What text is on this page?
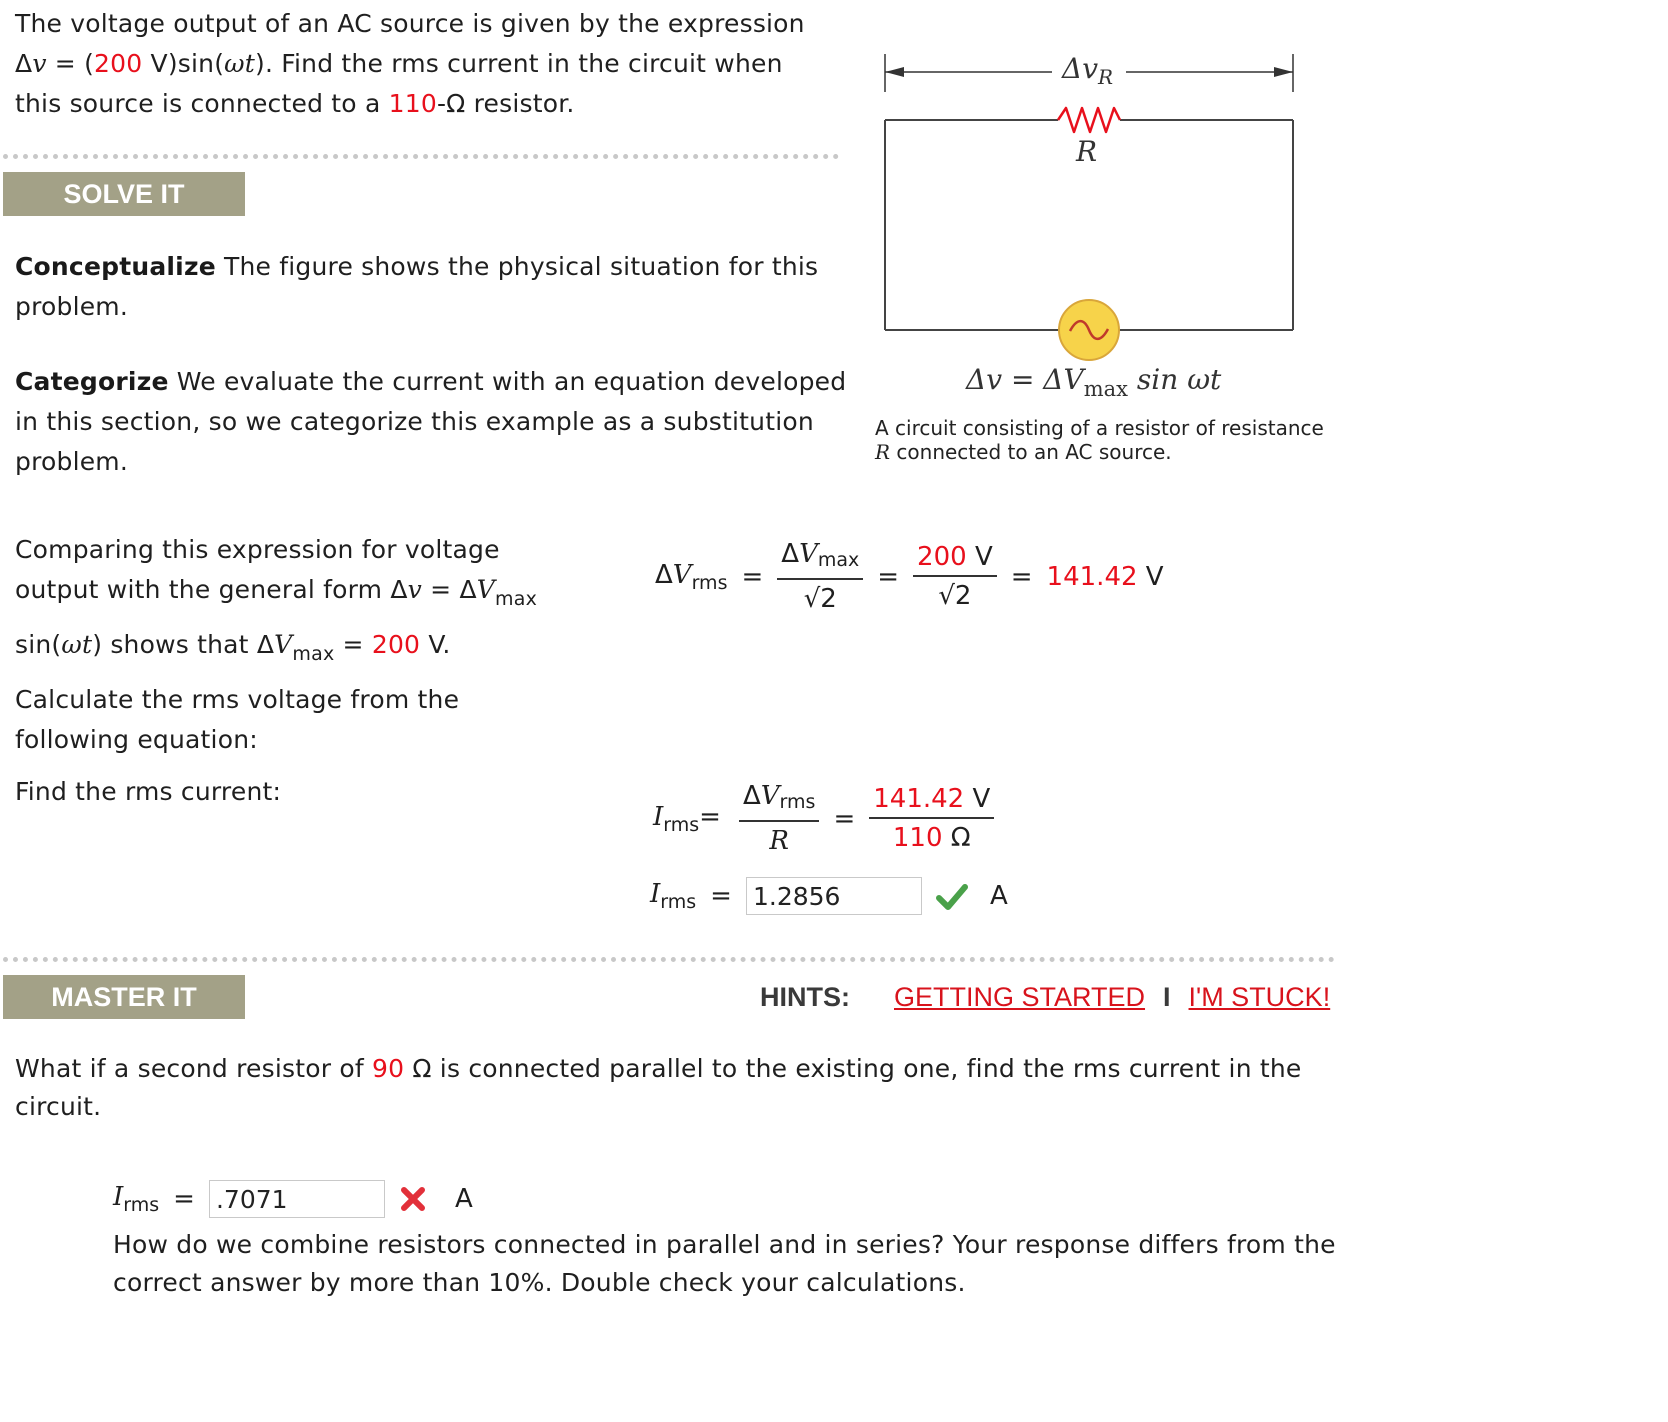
The voltage output of an AC source is given by the expression
Δv = (200 V)sin(ωt). Find the rms current in the circuit when
this source is connected to a 110-Ω resistor.
SOLVE IT
Conceptualize The figure shows the physical situation for this
problem.
Categorize We evaluate the current with an equation developed
in this section, so we categorize this example as a substitution
problem.
$\Delta v_R$
R
$\Delta v = \Delta V_{max}$ sin ωt
A circuit consisting of a resistor of resistance
R connected to an AC source.
Comparing this expression for voltage
output with the general form $\Delta v = \Delta V_{max}$
sin(ωt) shows that $\Delta V_{max} = 200$ V.
Calculate the rms voltage from the
following equation:
$\Delta V_{rms} = \frac{\Delta V_{max}}{√2} = \frac{200 V}{√2} = 141.42$ V
Find the rms current:
$I_{rms}= \frac{\Delta V_{rms}}{R} = \frac{141.42 V}{110 \Omega}$
$I_{rms}$ =
1.2856	A
MASTER IT	HINTS: GETTING STARTED I I'M STUCK!
What if a second resistor of 90 Ω is connected parallel to the existing one, find the rms current in the
circuit.
$I_{rms}$ =
.7071	A
How do we combine resistors connected in parallel and in series? Your response differs from the
correct answer by more than 10%. Double check your calculations.
